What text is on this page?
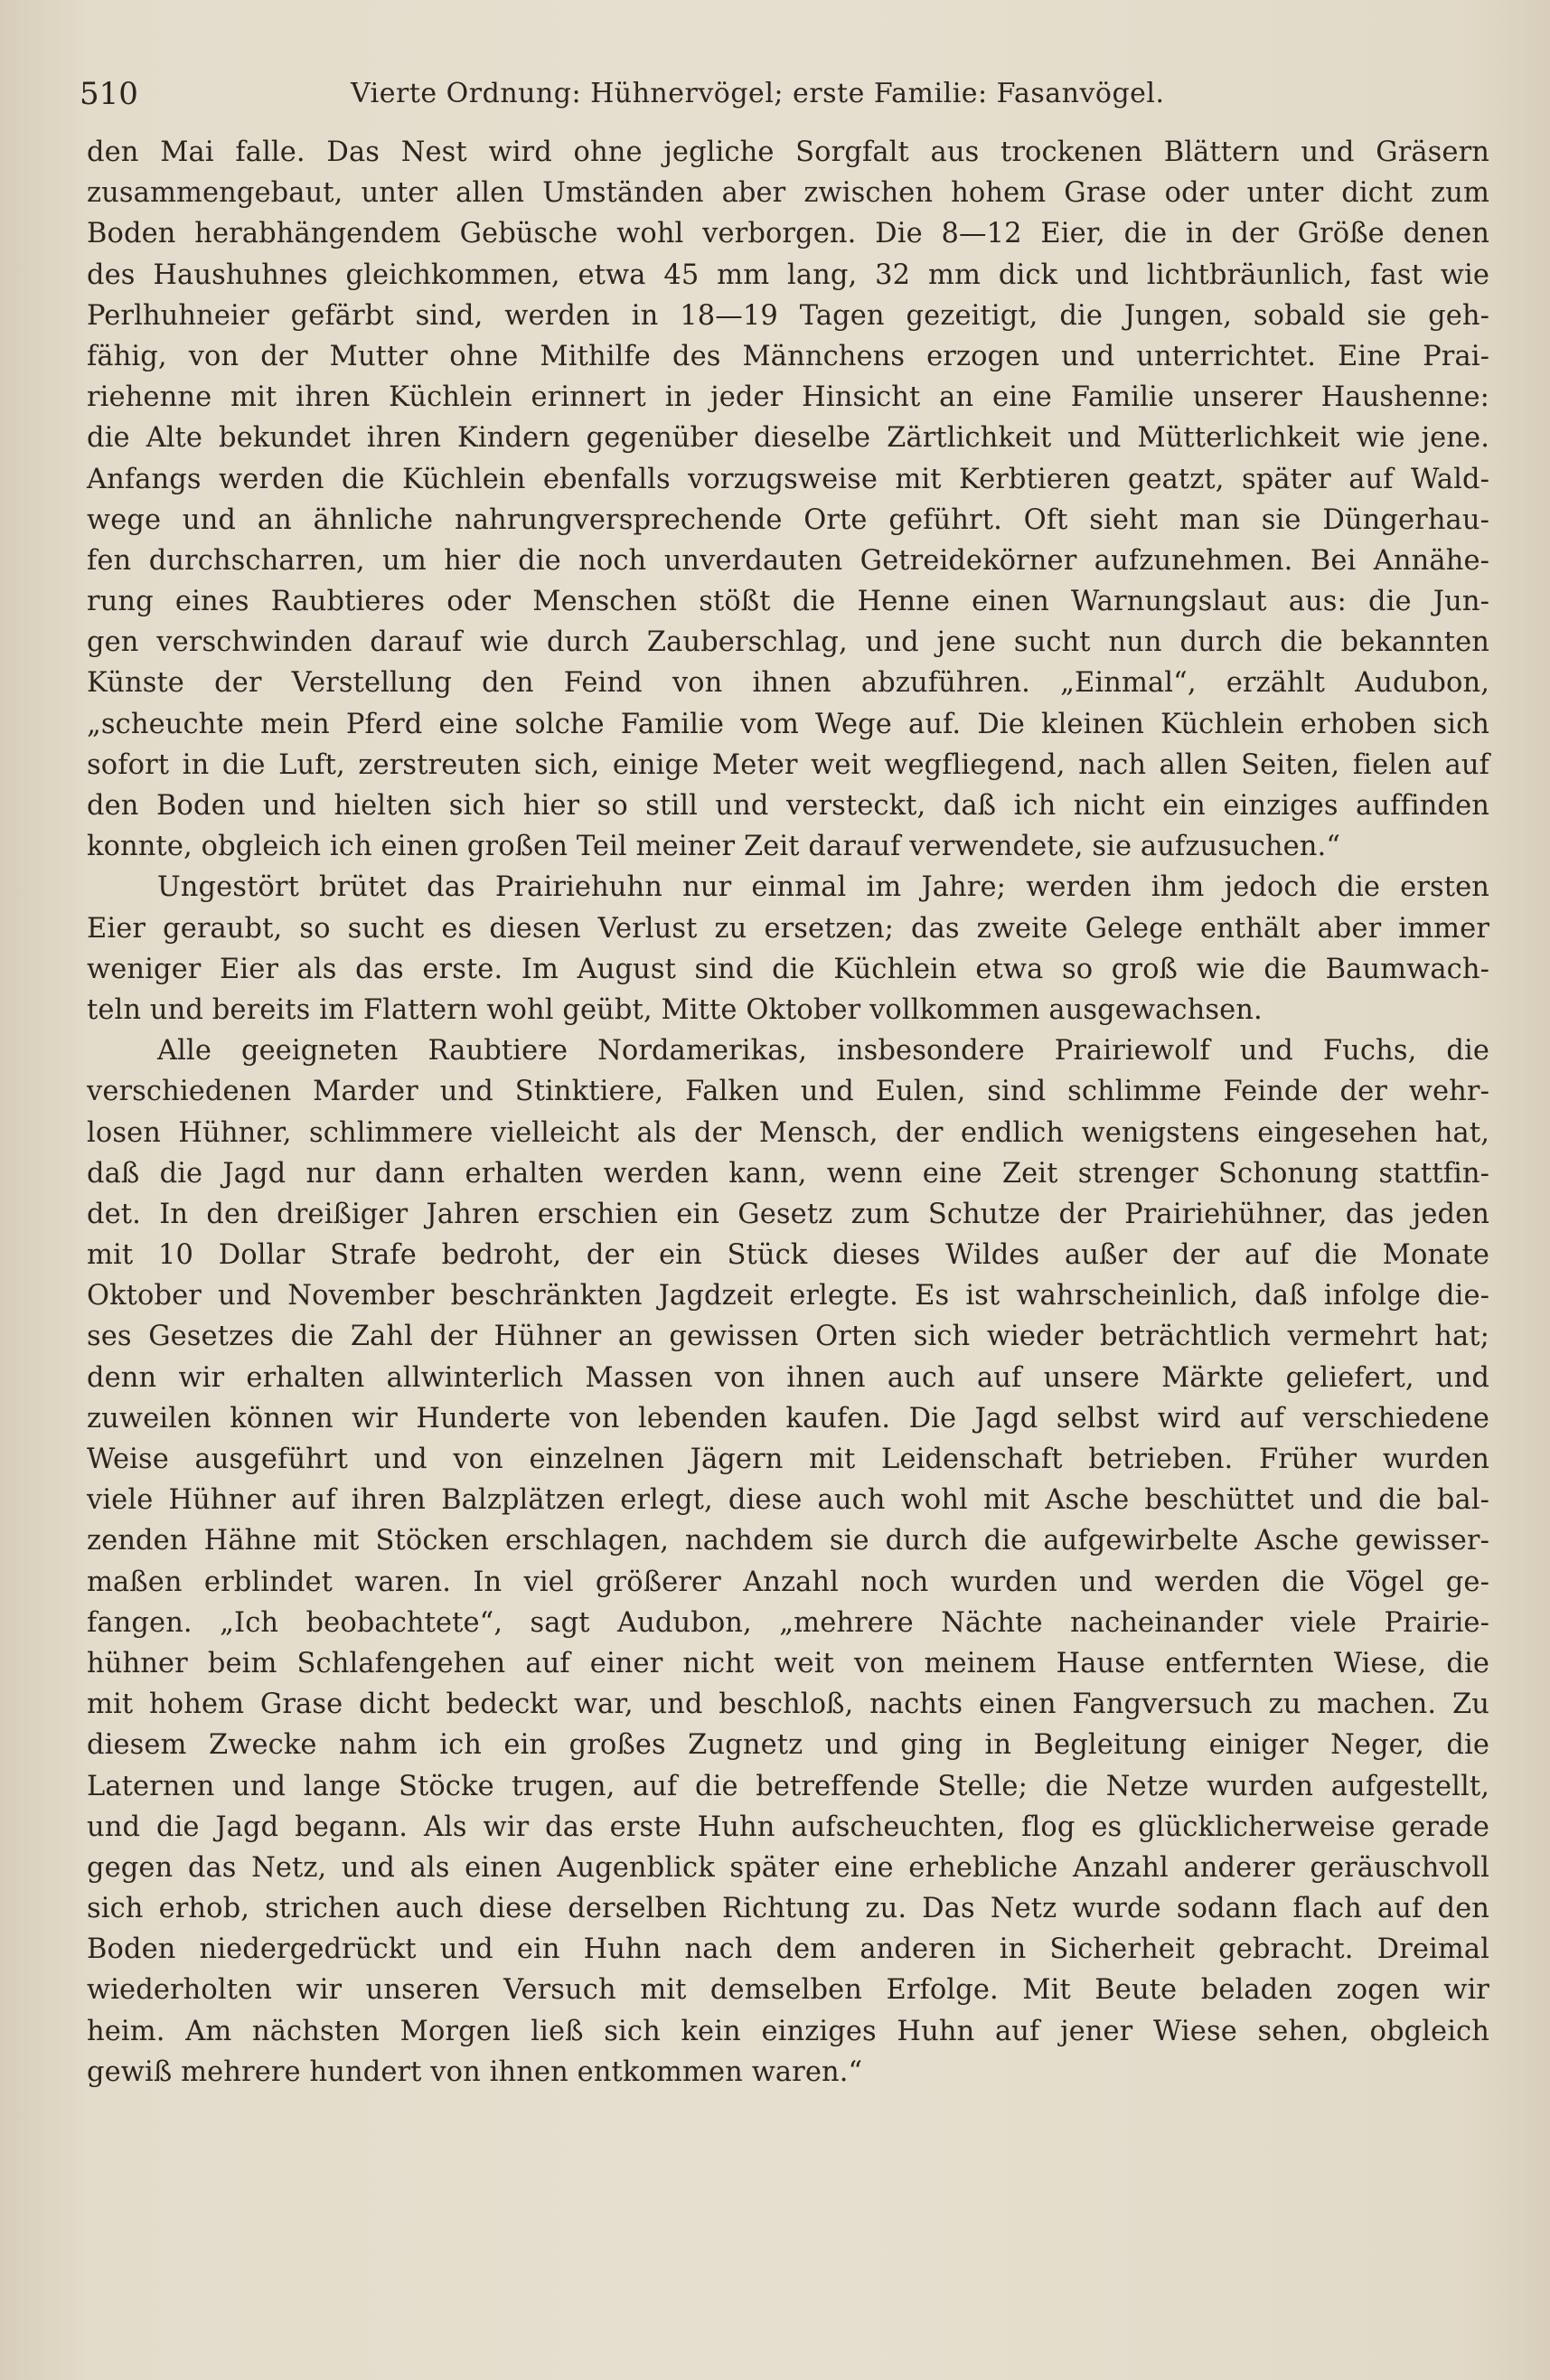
510	Vierte Ordnung: Hühnervögel; erste Familie: Fasanvögel.
den Mai falle. Das Nest wird ohne jegliche Sorgfalt aus trockenen Blättern und Gräsern
zusammengebaut, unter allen Umständen aber zwischen hohem Grase oder unter dicht zum
Boden herabhängendem Gebüsche wohl verborgen. Die 8—12 Eier, die in der Größe denen
des Haushuhnes gleichkommen, etwa 45 mm lang, 32 mm dick und lichtbräunlich, fast wie
Perlhuhneier gefärbt sind, werden in 18—19 Tagen gezeitigt, die Jungen, sobald sie geh-
fähig, von der Mutter ohne Mithilfe des Männchens erzogen und unterrichtet. Eine Prai-
riehenne mit ihren Küchlein erinnert in jeder Hinsicht an eine Familie unserer Haushenne:
die Alte bekundet ihren Kindern gegenüber dieselbe Zärtlichkeit und Mütterlichkeit wie jene.
Anfangs werden die Küchlein ebenfalls vorzugsweise mit Kerbtieren geatzt, später auf Wald-
wege und an ähnliche nahrungversprechende Orte geführt. Oft sieht man sie Düngerhau-
fen durchscharren, um hier die noch unverdauten Getreidekörner aufzunehmen. Bei Annähe-
rung eines Raubtieres oder Menschen stößt die Henne einen Warnungslaut aus: die Jun-
gen verschwinden darauf wie durch Zauberschlag, und jene sucht nun durch die bekannten
Künste der Verstellung den Feind von ihnen abzuführen. „Einmal“, erzählt Audubon,
„scheuchte mein Pferd eine solche Familie vom Wege auf. Die kleinen Küchlein erhoben sich
sofort in die Luft, zerstreuten sich, einige Meter weit wegfliegend, nach allen Seiten, fielen auf
den Boden und hielten sich hier so still und versteckt, daß ich nicht ein einziges auffinden
konnte, obgleich ich einen großen Teil meiner Zeit darauf verwendete, sie aufzusuchen.“
Ungestört brütet das Prairiehuhn nur einmal im Jahre; werden ihm jedoch die ersten
Eier geraubt, so sucht es diesen Verlust zu ersetzen; das zweite Gelege enthält aber immer
weniger Eier als das erste. Im August sind die Küchlein etwa so groß wie die Baumwach-
teln und bereits im Flattern wohl geübt, Mitte Oktober vollkommen ausgewachsen.
Alle geeigneten Raubtiere Nordamerikas, insbesondere Prairiewolf und Fuchs, die
verschiedenen Marder und Stinktiere, Falken und Eulen, sind schlimme Feinde der wehr-
losen Hühner, schlimmere vielleicht als der Mensch, der endlich wenigstens eingesehen hat,
daß die Jagd nur dann erhalten werden kann, wenn eine Zeit strenger Schonung stattfin-
det. In den dreißiger Jahren erschien ein Gesetz zum Schutze der Prairiehühner, das jeden
mit 10 Dollar Strafe bedroht, der ein Stück dieses Wildes außer der auf die Monate
Oktober und November beschränkten Jagdzeit erlegte. Es ist wahrscheinlich, daß infolge die-
ses Gesetzes die Zahl der Hühner an gewissen Orten sich wieder beträchtlich vermehrt hat;
denn wir erhalten allwinterlich Massen von ihnen auch auf unsere Märkte geliefert, und
zuweilen können wir Hunderte von lebenden kaufen. Die Jagd selbst wird auf verschiedene
Weise ausgeführt und von einzelnen Jägern mit Leidenschaft betrieben. Früher wurden
viele Hühner auf ihren Balzplätzen erlegt, diese auch wohl mit Asche beschüttet und die bal-
zenden Hähne mit Stöcken erschlagen, nachdem sie durch die aufgewirbelte Asche gewisser-
maßen erblindet waren. In viel größerer Anzahl noch wurden und werden die Vögel ge-
fangen. „Ich beobachtete“, sagt Audubon, „mehrere Nächte nacheinander viele Prairie-
hühner beim Schlafengehen auf einer nicht weit von meinem Hause entfernten Wiese, die
mit hohem Grase dicht bedeckt war, und beschloß, nachts einen Fangversuch zu machen. Zu
diesem Zwecke nahm ich ein großes Zugnetz und ging in Begleitung einiger Neger, die
Laternen und lange Stöcke trugen, auf die betreffende Stelle; die Netze wurden aufgestellt,
und die Jagd begann. Als wir das erste Huhn aufscheuchten, flog es glücklicherweise gerade
gegen das Netz, und als einen Augenblick später eine erhebliche Anzahl anderer geräuschvoll
sich erhob, strichen auch diese derselben Richtung zu. Das Netz wurde sodann flach auf den
Boden niedergedrückt und ein Huhn nach dem anderen in Sicherheit gebracht. Dreimal
wiederholten wir unseren Versuch mit demselben Erfolge. Mit Beute beladen zogen wir
heim. Am nächsten Morgen ließ sich kein einziges Huhn auf jener Wiese sehen, obgleich
gewiß mehrere hundert von ihnen entkommen waren.“
